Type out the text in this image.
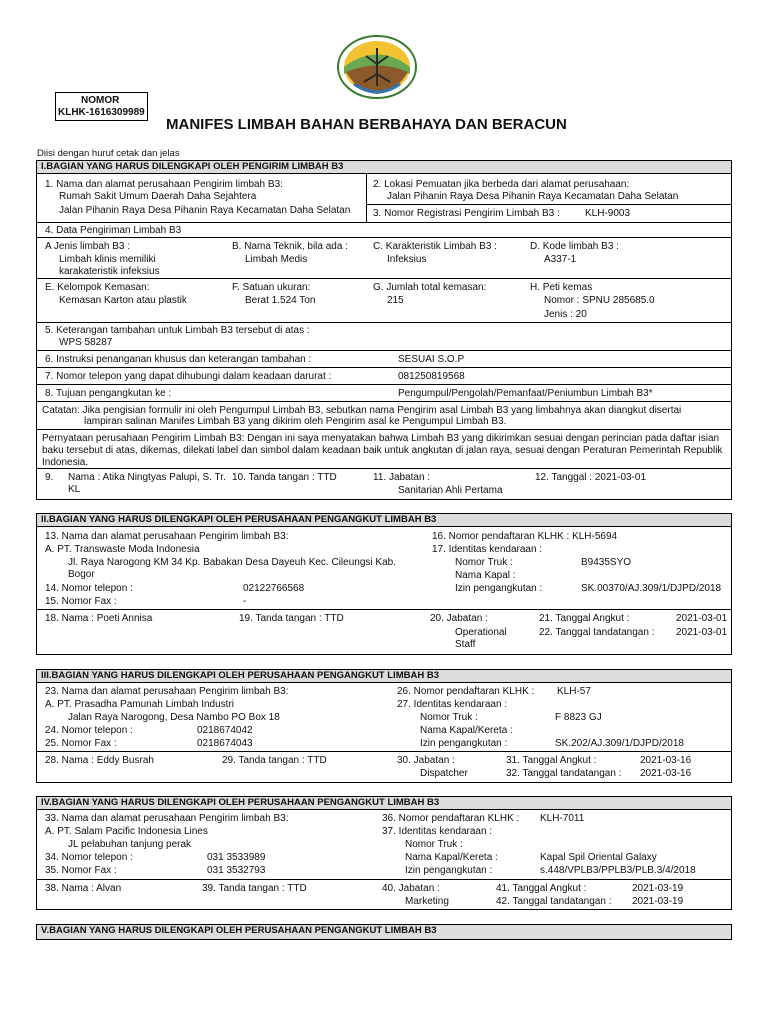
NOMOR
KLHK-1616309989
MANIFES LIMBAH BAHAN BERBAHAYA DAN BERACUN
Diisi dengan huruf cetak dan jelas
I.BAGIAN YANG HARUS DILENGKAPI OLEH PENGIRIM LIMBAH B3
1. Nama dan alamat perusahaan Pengirim limbah B3:
Rumah Sakit Umum Daerah Daha Sejahtera
Jalan Pihanin Raya Desa Pihanin Raya Kecamatan Daha Selatan
2. Lokasi Pemuatan jika berbeda dari alamat perusahaan:
Jalan Pihanin Raya Desa Pihanin Raya Kecamatan Daha Selatan
3. Nomor Registrasi Pengirim Limbah B3 :	KLH-9003
4. Data Pengiriman Limbah B3
A Jenis limbah B3 :
Limbah klinis memiliki karakateristik infeksius
B. Nama Teknik, bila ada :
Limbah Medis
C. Karakteristik Limbah B3 :
Infeksius
D. Kode limbah B3 :
A337-1
E. Kelompok Kemasan:
Kemasan Karton atau plastik
F. Satuan ukuran:
Berat 1.524 Ton
G. Jumlah total kemasan:
215
H. Peti kemas
Nomor : SPNU 285685.0
Jenis : 20
5. Keterangan tambahan untuk Limbah B3 tersebut di atas :
WPS 58287
6. Instruksi penanganan khusus dan keterangan tambahan :	SESUAI S.O.P
7. Nomor telepon yang dapat dihubungi dalam keadaan darurat :	081250819568
8. Tujuan pengangkutan ke :	Pengumpul/Pengolah/Pemanfaat/Peniumbun Limbah B3*
Catatan: Jika pengisian formulir ini oleh Pengumpul Limbah B3, sebutkan nama Pengirim asal Limbah B3 yang limbahnya akan diangkut disertai
lampiran salinan Manifes Limbah B3 yang dikirim oleh Pengirim asal ke Pengumpul Limbah B3.
Pernyataan perusahaan Pengirim Limbah B3: Dengan ini saya menyatakan bahwa Limbah B3 yang dikirimkan sesuai dengan perincian pada daftar isian baku tersebut di atas, dikemas, dilekati label dan simbol dalam keadaan baik untuk angkutan di jalan raya, sesuai dengan Peraturan Pemerintah Republik Indonesia.
9. Nama : Atika Ningtyas Palupi, S. Tr. KL
10. Tanda tangan : TTD	11. Jabatan :
Sanitarian Ahli Pertama
12. Tanggal : 2021-03-01
II.BAGIAN YANG HARUS DILENGKAPI OLEH PERUSAHAAN PENGANGKUT LIMBAH B3
13. Nama dan alamat perusahaan Pengirim limbah B3:
A. PT. Transwaste Moda Indonesia
Jl. Raya Narogong KM 34 Kp. Babakan Desa Dayeuh Kec. Cileungsi Kab. Bogor
14. Nomor telepon :	02122766568
15. Nomor Fax :	-
16. Nomor pendaftaran KLHK : KLH-5694
17. Identitas kendaraan :
Nomor Truk :	B9435SYO
Nama Kapal :
Izin pengangkutan :	SK.00370/AJ.309/1/DJPD/2018
18. Nama : Poeti Annisa	19. Tanda tangan : TTD	20. Jabatan :
Operational Staff
21. Tanggal Angkut :	2021-03-01
22. Tanggal tandatangan : 2021-03-01
III.BAGIAN YANG HARUS DILENGKAPI OLEH PERUSAHAAN PENGANGKUT LIMBAH B3
23. Nama dan alamat perusahaan Pengirim limbah B3:
A. PT. Prasadha Pamunah Limbah Industri
Jalan Raya Narogong, Desa Nambo PO Box 18
24. Nomor telepon :	0218674042
25. Nomor Fax :	0218674043
26. Nomor pendaftaran KLHK : KLH-57
27. Identitas kendaraan :
Nomor Truk :	F 8823 GJ
Nama Kapal/Kereta :
Izin pengangkutan :	SK.202/AJ.309/1/DJPD/2018
28. Nama : Eddy Busrah	29. Tanda tangan : TTD	30. Jabatan :
Dispatcher
31. Tanggal Angkut :	2021-03-16
32. Tanggal tandatangan : 2021-03-16
IV.BAGIAN YANG HARUS DILENGKAPI OLEH PERUSAHAAN PENGANGKUT LIMBAH B3
33. Nama dan alamat perusahaan Pengirim limbah B3:
A. PT. Salam Pacific Indonesia Lines
JL pelabuhan tanjung perak
34. Nomor telepon :	031 3533989
35. Nomor Fax :	031 3532793
36. Nomor pendaftaran KLHK : KLH-7011
37. Identitas kendaraan :
Nomor Truk :
Nama Kapal/Kereta :	Kapal Spil Oriental Galaxy
Izin pengangkutan :	s.448/VPLB3/PPLB3/PLB.3/4/2018
38. Nama : Alvan	39. Tanda tangan : TTD	40. Jabatan :
Marketing
41. Tanggal Angkut :	2021-03-19
42. Tanggal tandatangan : 2021-03-19
V.BAGIAN YANG HARUS DILENGKAPI OLEH PERUSAHAAN PENGANGKUT LIMBAH B3
